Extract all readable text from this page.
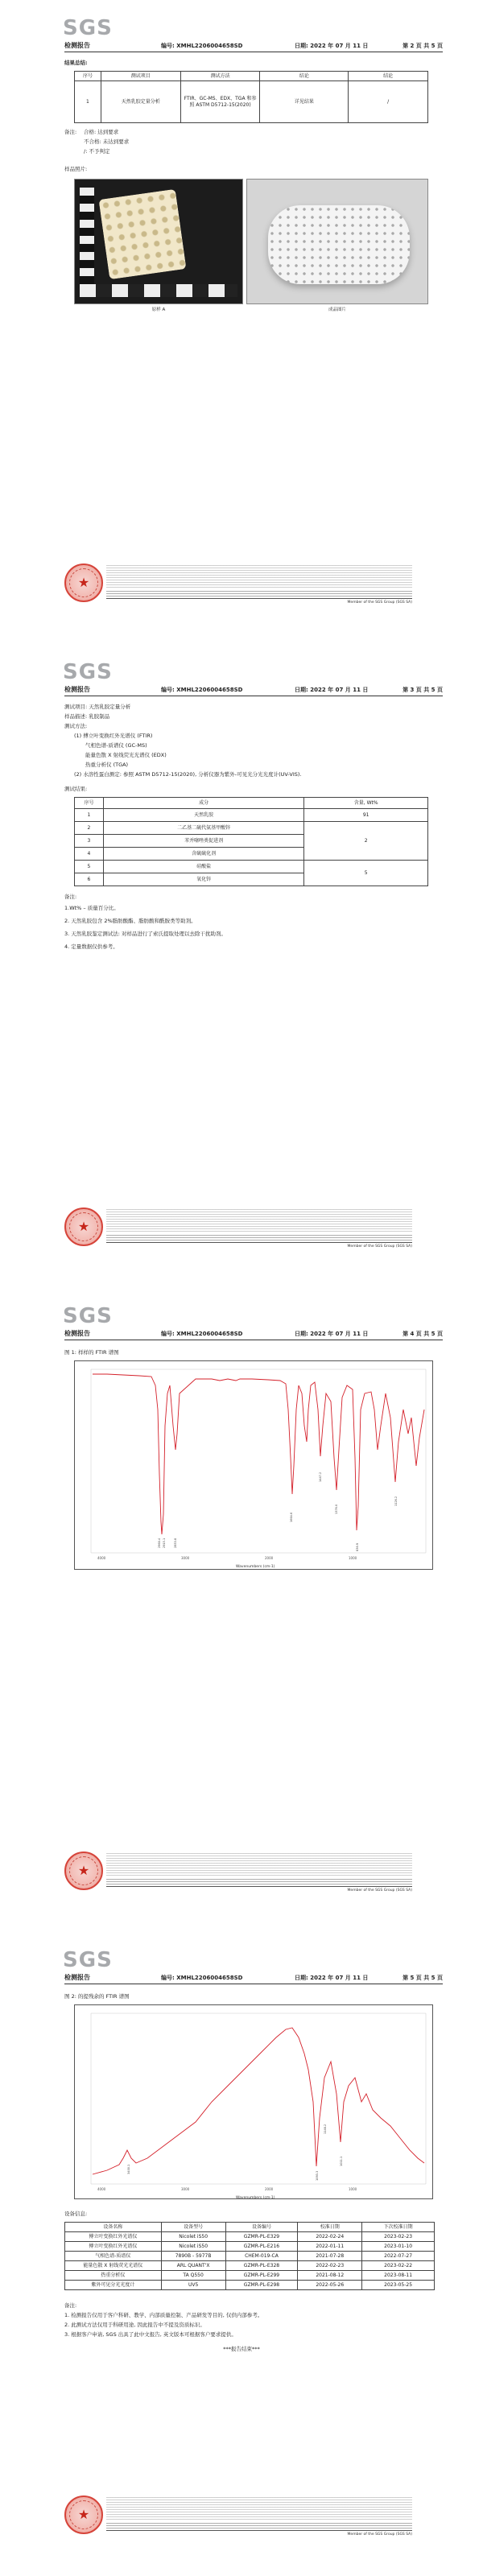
SGS
检测报告	编号: XMHL2206004658SD	日期: 2022 年 07 月 11 日	第 2 页 共 5 页
结果总结:
序号	测试项目	测试方法	结论	结论
1	天然乳胶定量分析	FTIR、GC-MS、EDX、TGA 和参照 ASTM D5712-15(2020)	详见结果	/
备注: 合格: 达到要求
不合格: 未达到要求
/: 不予判定
样品照片:
原样 A	成品图片
★
Member of the SGS Group (SGS SA)
SGS
检测报告	编号: XMHL2206004658SD	日期: 2022 年 07 月 11 日	第 3 页 共 5 页
测试项目: 天然乳胶定量分析
样品描述: 乳胶制品
测试方法:
(1) 傅立叶变换红外光谱仪 (FTIR)
气相色谱-质谱仪 (GC-MS)
能量色散 X 射线荧光光谱仪 (EDX)
热重分析仪 (TGA)
(2) 水溶性蛋白测定: 参照 ASTM D5712-15(2020), 分析仪器为紫外-可见光分光光度计(UV-VIS).
测试结果:
序号	成分	含量, Wt%
1	天然乳胶	91
2	二乙基二硫代氨基甲酸锌	2
3	苯并噻唑类促进剂	
4	含硫硫化剂	
5	硅酸盐	5
6	氧化锌	
备注:
1.Wt% – 质量百分比。
2. 天然乳胶包含 2%脂肪酸酯、脂肪酸和酰胺类等助剂。
3. 天然乳胶鉴定测试法: 对样品进行了索氏提取处理以去除干扰助剂。
4. 定量数据仅供参考。
★
Member of the SGS Group (SGS SA)
SGS
检测报告	编号: XMHL2206004658SD	日期: 2022 年 07 月 11 日	第 4 页 共 5 页
图 1: 样样的 FTIR 谱图
4000	3000	2000	1000
2960.4 2915.1	2853.8
1664.6
1447.2
1376.0
836.9
1126.2
Wavenumbers (cm-1)
★
Member of the SGS Group (SGS SA)
SGS
检测报告	编号: XMHL2206004658SD	日期: 2022 年 07 月 11 日	第 5 页 共 5 页
图 2: 的提残余的 FTIR 谱图
4000	3000	2000	1000
3400.1
1093.3
1011.1
1148.2
Wavenumbers (cm-1)
设备信息:
设备名称	设备型号	设备编号	校准日期	下次校准日期
傅立叶变换红外光谱仪	Nicolet iS50	GZMR-PL-E329	2022-02-24	2023-02-23
傅立叶变换红外光谱仪	Nicolet iS50	GZMR-PL-E216	2022-01-11	2023-01-10
气相色谱-质谱仪	7890B - 5977B	CHEM-019-CA	2021-07-28	2022-07-27
能量色散 X 射线荧光光谱仪	ARL QUANT'X	GZMR-PL-E328	2022-02-23	2023-02-22
热重分析仪	TA Q550	GZMR-PL-E299	2021-08-12	2023-08-11
紫外可见分光光度计	UV5	GZMR-PL-E298	2022-05-26	2023-05-25
备注:
1. 检测报告仅用于客户科研、教学、内部质量控制、产品研发等目的, 仅供内部参考。
2. 此测试方法仅用于科研用途, 因此报告中不提及资质标识。
3. 根据客户申请, SGS 出具了此中文报告, 英文版本可根据客户要求提供。
***报告结束***
★
Member of the SGS Group (SGS SA)
